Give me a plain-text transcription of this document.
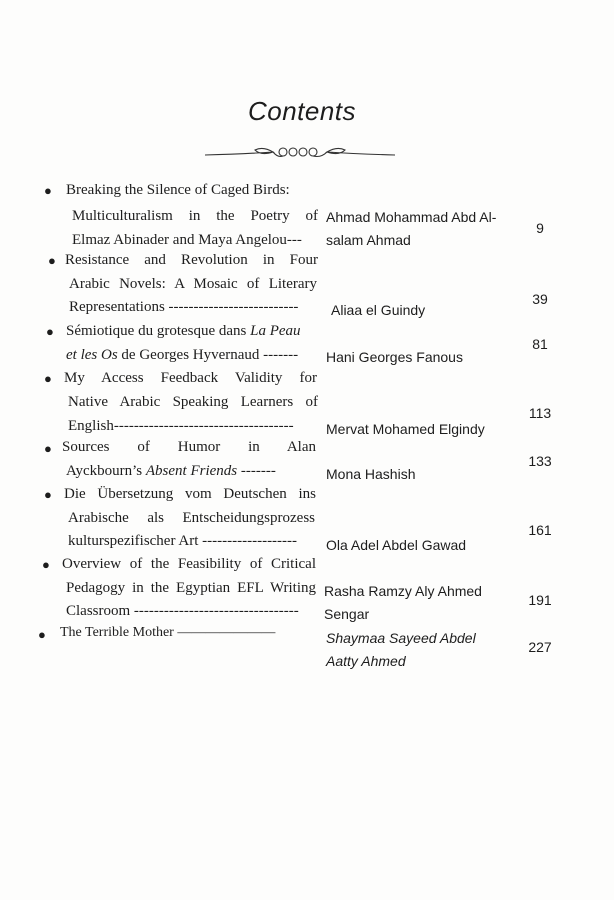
Contents
● Breaking the Silence of Caged Birds:
Multiculturalism in the Poetry of
Elmaz Abinader and Maya Angelou---
Ahmad Mohammad Abd Al-
salam Ahmad
9
● Resistance and Revolution in Four
Arabic Novels: A Mosaic of Literary
Representations -------------------------- Aliaa el Guindy
39
● Sémiotique du grotesque dans La Peau
et les Os de Georges Hyvernaud ------- Hani Georges Fanous
81
● My Access Feedback Validity for
Native Arabic Speaking Learners of
English------------------------------------ Mervat Mohamed Elgindy
113
● Sources of Humor in Alan
Ayckbourn’s Absent Friends -------	Mona Hashish
133
● Die Übersetzung vom Deutschen ins
Arabische als Entscheidungsprozess
kulturspezifischer Art ------------------- Ola Adel Abdel Gawad
161
● Overview of the Feasibility of Critical
Pedagogy in the Egyptian EFL Writing
Classroom ---------------------------------
Rasha Ramzy Aly Ahmed
Sengar
191
● The Terrible Mother ———————	Shaymaa Sayeed Abdel
Aatty Ahmed
227
